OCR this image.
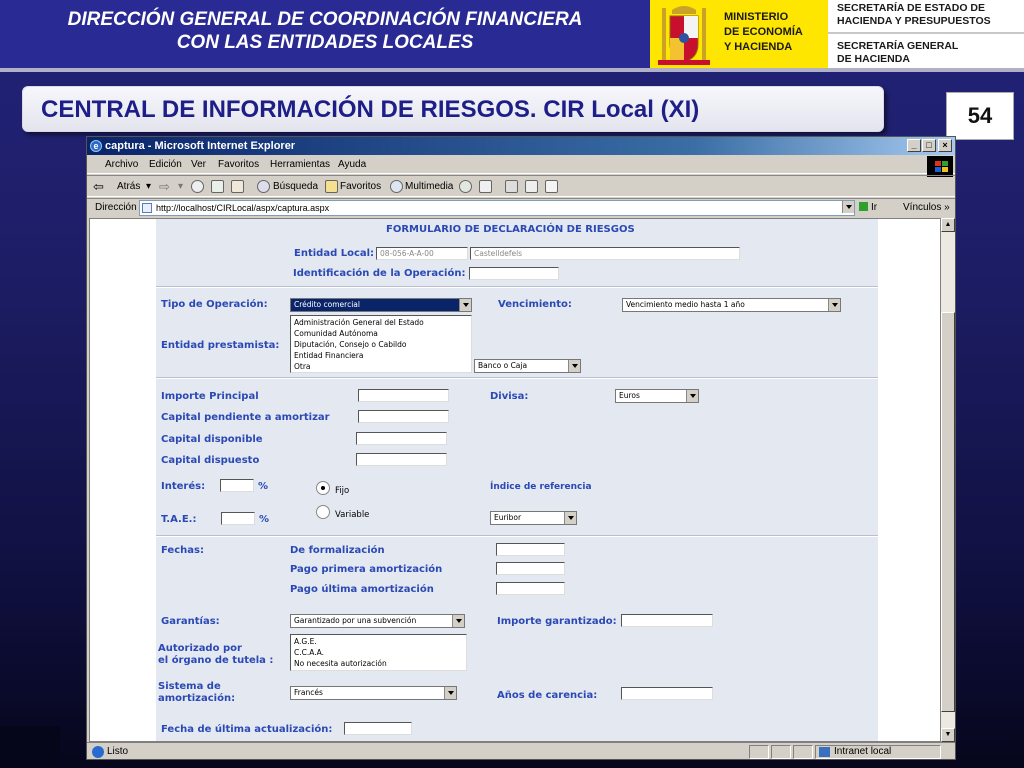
DIRECCIÓN GENERAL DE COORDINACIÓN FINANCIERA
CON LAS ENTIDADES LOCALES
MINISTERIO
DE ECONOMÍA
Y HACIENDA
SECRETARÍA DE ESTADO DE
HACIENDA Y PRESUPUESTOS
SECRETARÍA GENERAL
DE HACIENDA
CENTRAL DE INFORMACIÓN DE RIESGOS. CIR Local (XI)	54
e captura - Microsoft Internet Explorer	_	□	×
Archivo Edición Ver Favoritos Herramientas Ayuda
⇦ Atrás ▾ ⇨ ▾	Búsqueda Favoritos Multimedia
Dirección	http://localhost/CIRLocal/aspx/captura.aspx	Ir	Vínculos »
FORMULARIO DE DECLARACIÓN DE RIESGOS
Entidad Local: 08-056-A-A-00	Castelldefels
Identificación de la Operación:
Tipo de Operación:	Crédito comercial	Vencimiento:	Vencimiento medio hasta 1 año
Entidad prestamista:
Administración General del Estado
Comunidad Autónoma
Diputación, Consejo o Cabildo
Entidad Financiera
Otra	Banco o Caja
Importe Principal
Capital pendiente a amortizar
Capital disponible
Capital dispuesto
Divisa:	Euros
Interés:	%
T.A.E.:	%
Fijo
Variable
Índice de referencia
Euribor
Fechas:	De formalización
Pago primera amortización
Pago última amortización
Garantías:	Garantizado por una subvención	Importe garantizado:
Autorizado por
el órgano de tutela :
A.G.E.
C.C.A.A.
No necesita autorización
Sistema de
amortización:
Francés	Años de carencia:
Fecha de última actualización:
▲
▼
Listo	Intranet local
